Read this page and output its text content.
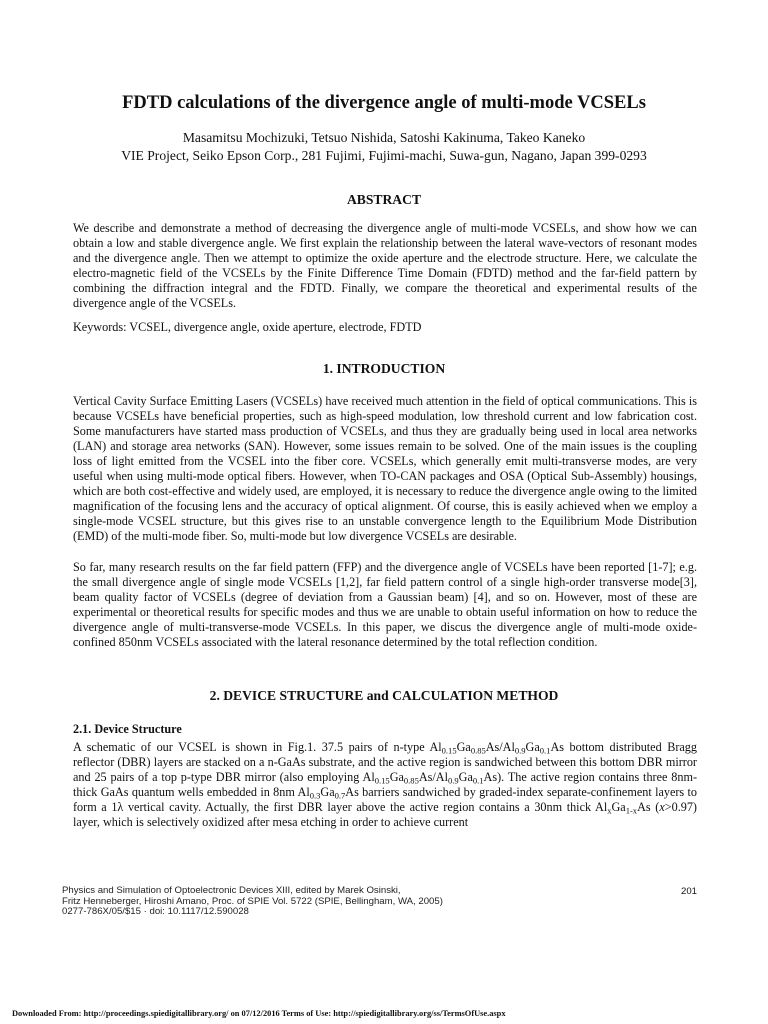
FDTD calculations of the divergence angle of multi-mode VCSELs

Masamitsu Mochizuki, Tetsuo Nishida, Satoshi Kakinuma, Takeo Kaneko

VIE Project, Seiko Epson Corp., 281 Fujimi, Fujimi-machi, Suwa-gun, Nagano, Japan 399-0293

ABSTRACT

We describe and demonstrate a method of decreasing the divergence angle of multi-mode VCSELs, and show how we can obtain a low and stable divergence angle. We first explain the relationship between the lateral wave-vectors of resonant modes and the divergence angle. Then we attempt to optimize the oxide aperture and the electrode structure. Here, we calculate the electro-magnetic field of the VCSELs by the Finite Difference Time Domain (FDTD) method and the far-field pattern by combining the diffraction integral and the FDTD. Finally, we compare the theoretical and experimental results of the divergence angle of the VCSELs.

Keywords: VCSEL, divergence angle, oxide aperture, electrode, FDTD

1. INTRODUCTION

Vertical Cavity Surface Emitting Lasers (VCSELs) have received much attention in the field of optical communications. This is because VCSELs have beneficial properties, such as high-speed modulation, low threshold current and low fabrication cost. Some manufacturers have started mass production of VCSELs, and thus they are gradually being used in local area networks (LAN) and storage area networks (SAN). However, some issues remain to be solved. One of the main issues is the coupling loss of light emitted from the VCSEL into the fiber core. VCSELs, which generally emit multi-transverse modes, are very useful when using multi-mode optical fibers. However, when TO-CAN packages and OSA (Optical Sub-Assembly) housings, which are both cost-effective and widely used, are employed, it is necessary to reduce the divergence angle owing to the limited magnification of the focusing lens and the accuracy of optical alignment. Of course, this is easily achieved when we employ a single-mode VCSEL structure, but this gives rise to an unstable convergence length to the Equilibrium Mode Distribution (EMD) of the multi-mode fiber. So, multi-mode but low divergence VCSELs are desirable.

So far, many research results on the far field pattern (FFP) and the divergence angle of VCSELs have been reported [1-7]; e.g. the small divergence angle of single mode VCSELs [1,2], far field pattern control of a single high-order transverse mode[3], beam quality factor of VCSELs (degree of deviation from a Gaussian beam) [4], and so on. However, most of these are experimental or theoretical results for specific modes and thus we are unable to obtain useful information on how to reduce the divergence angle of multi-transverse-mode VCSELs. In this paper, we discus the divergence angle of multi-mode oxide-confined 850nm VCSELs associated with the lateral resonance determined by the total reflection condition.

2. DEVICE STRUCTURE and CALCULATION METHOD
2.1. Device Structure

A schematic of our VCSEL is shown in Fig.1. 37.5 pairs of n-type $Al_{0.15}Ga_{0.85}As/Al_{0.9}Ga_{0.1}As$ bottom distributed Bragg reflector (DBR) layers are stacked on a n-GaAs substrate, and the active region is sandwiched between this bottom DBR mirror and 25 pairs of a top p-type DBR mirror (also employing $Al_{0.15}Ga_{0.85}As/Al_{0.9}Ga_{0.1}As$). The active region contains three 8nm-thick GaAs quantum wells embedded in 8nm $Al_{0.3}Ga_{0.7}As$ barriers sandwiched by graded-index separate-confinement layers to form a 1λ vertical cavity. Actually, the first DBR layer above the active region contains a 30nm thick $Al_xGa_{1-x}As$ (x>0.97) layer, which is selectively oxidized after mesa etching in order to achieve current

Physics and Simulation of Optoelectronic Devices XIII, edited by Marek Osinski,
Fritz Henneberger, Hiroshi Amano, Proc. of SPIE Vol. 5722 (SPIE, Bellingham, WA, 2005)
0277-786X/05/$15 · doi: 10.1117/12.590028
201
Downloaded From: http://proceedings.spiedigitallibrary.org/ on 07/12/2016 Terms of Use: http://spiedigitallibrary.org/ss/TermsOfUse.aspx
